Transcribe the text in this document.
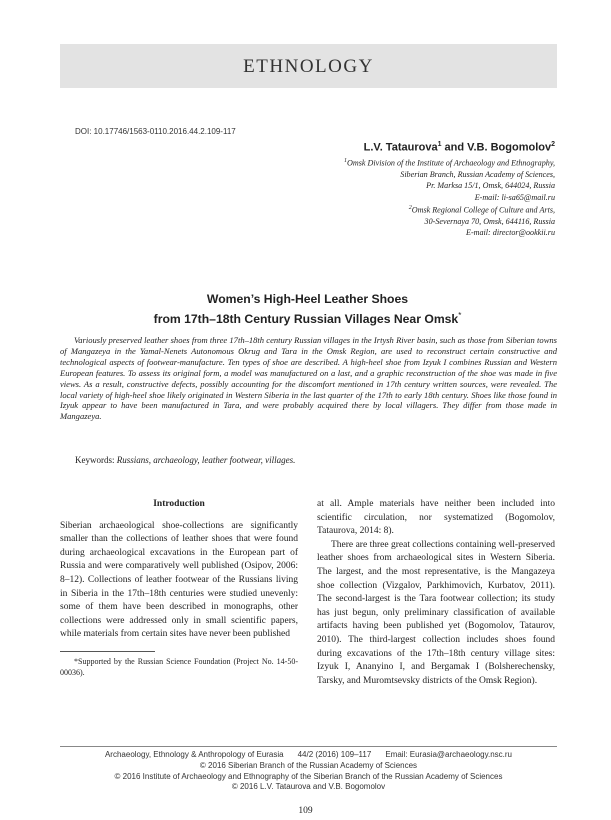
ETHNOLOGY
DOI: 10.17746/1563-0110.2016.44.2.109-117
L.V. Tataurova$^1$ and V.B. Bogomolov$^2$
$^1$Omsk Division of the Institute of Archaeology and Ethnography,
Siberian Branch, Russian Academy of Sciences,
Pr. Marksa 15/1, Omsk, 644024, Russia
E-mail: li-sa65@mail.ru
$^2$Omsk Regional College of Culture and Arts,
30-Severnaya 70, Omsk, 644116, Russia
E-mail: director@ookkii.ru
Women’s High-Heel Leather Shoes
from 17th–18th Century Russian Villages Near Omsk*

Variously preserved leather shoes from three 17th–18th century Russian villages in the Irtysh River basin, such as those from Siberian towns of Mangazeya in the Yamal-Nenets Autonomous Okrug and Tara in the Omsk Region, are used to reconstruct certain constructive and technological aspects of footwear-manufacture. Ten types of shoe are described. A high-heel shoe from Izyuk I combines Russian and Western European features. To assess its original form, a model was manufactured on a last, and a graphic reconstruction of the shoe was made in five views. As a result, constructive defects, possibly accounting for the discomfort mentioned in 17th century written sources, were revealed. The local variety of high-heel shoe likely originated in Western Siberia in the last quarter of the 17th to early 18th century. Shoes like those found in Izyuk appear to have been manufactured in Tara, and were probably acquired there by local villagers. They differ from those made in Mangazeya.

Keywords: Russians, archaeology, leather footwear, villages.
Introduction

Siberian archaeological shoe-collections are significantly smaller than the collections of leather shoes that were found during archaeological excavations in the European part of Russia and were comparatively well published (Osipov, 2006: 8–12). Collections of leather footwear of the Russians living in Siberia in the 17th–18th centuries were studied unevenly: some of them have been described in monographs, other collections were addressed only in small scientific papers, while materials from certain sites have never been published

*Supported by the Russian Science Foundation (Project No. 14-50-00036).

at all. Ample materials have neither been included into scientific circulation, nor systematized (Bogomolov, Tataurova, 2014: 8).

There are three great collections containing well-preserved leather shoes from archaeological sites in Western Siberia. The largest, and the most representative, is the Mangazeya shoe collection (Vizgalov, Parkhimovich, Kurbatov, 2011). The second-largest is the Tara footwear collection; its study has just begun, only preliminary classification of available artifacts having been published yet (Bogomolov, Tataurov, 2010). The third-largest collection includes shoes found during excavations of the 17th–18th century village sites: Izyuk I, Ananyino I, and Bergamak I (Bolsherechensky, Tarsky, and Muromtsevsky districts of the Omsk Region).

Archaeology, Ethnology & Anthropology of Eurasia 44/2 (2016) 109–117 Email: Eurasia@archaeology.nsc.ru
© 2016 Siberian Branch of the Russian Academy of Sciences
© 2016 Institute of Archaeology and Ethnography of the Siberian Branch of the Russian Academy of Sciences
© 2016 L.V. Tataurova and V.B. Bogomolov
109
